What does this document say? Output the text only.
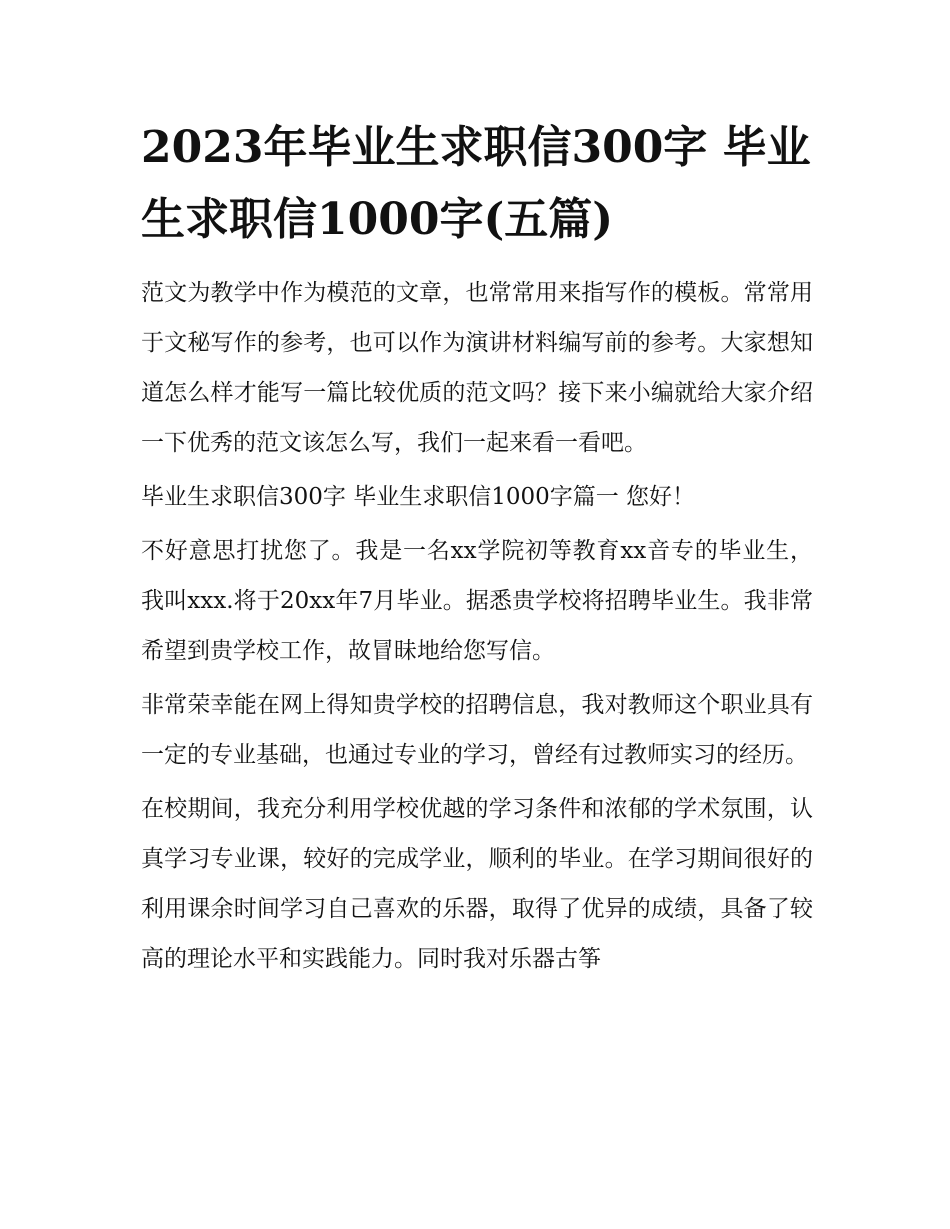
2023年毕业生求职信300字 毕业生求职信1000字(五篇)

范文为教学中作为模范的文章，也常常用来指写作的模板。常常用于文秘写作的参考，也可以作为演讲材料编写前的参考。大家想知道怎么样才能写一篇比较优质的范文吗？接下来小编就给大家介绍一下优秀的范文该怎么写，我们一起来看一看吧。

毕业生求职信300字 毕业生求职信1000字篇一 您好！

不好意思打扰您了。我是一名xx学院初等教育xx音专的毕业生，我叫xxx.将于20xx年7月毕业。据悉贵学校将招聘毕业生。我非常希望到贵学校工作，故冒昧地给您写信。

非常荣幸能在网上得知贵学校的招聘信息，我对教师这个职业具有一定的专业基础，也通过专业的学习，曾经有过教师实习的经历。

在校期间，我充分利用学校优越的学习条件和浓郁的学术氛围，认真学习专业课，较好的完成学业，顺利的毕业。在学习期间很好的利用课余时间学习自己喜欢的乐器，取得了优异的成绩，具备了较高的理论水平和实践能力。同时我对乐器古筝
